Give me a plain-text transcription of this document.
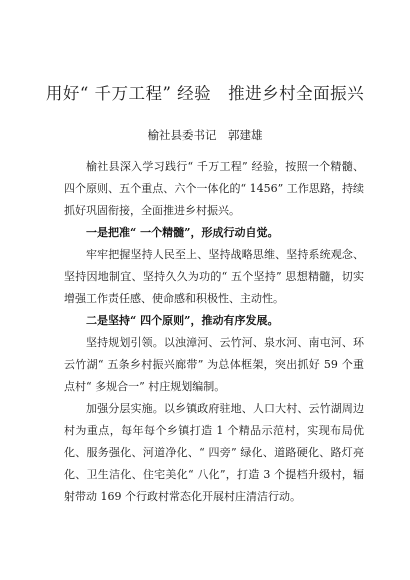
用好“ 千万工程” 经验　推进乡村全面振兴
榆社县委书记　郭建雄

榆社县深入学习践行“ 千万工程” 经验，按照一个精髓、四个原则、五个重点、六个一体化的“ 1456” 工作思路，持续抓好巩固衔接，全面推进乡村振兴。

一是把准“ 一个精髓”，形成行动自觉。

牢牢把握坚持人民至上、坚持战略思维、坚持系统观念、坚持因地制宜、坚持久久为功的“ 五个坚持” 思想精髓，切实增强工作责任感、使命感和积极性、主动性。

二是坚持“ 四个原则”，推动有序发展。

坚持规划引领。以浊漳河、云竹河、泉水河、南屯河、环云竹湖“ 五条乡村振兴廊带” 为总体框架，突出抓好 59 个重点村“ 多规合一” 村庄规划编制。

加强分层实施。以乡镇政府驻地、人口大村、云竹湖周边村为重点，每年每个乡镇打造 1 个精品示范村，实现布局优化、服务强化、河道净化、“ 四旁” 绿化、道路硬化、路灯亮化、卫生洁化、住宅美化“ 八化”，打造 3 个提档升级村，辐射带动 169 个行政村常态化开展村庄清洁行动。
